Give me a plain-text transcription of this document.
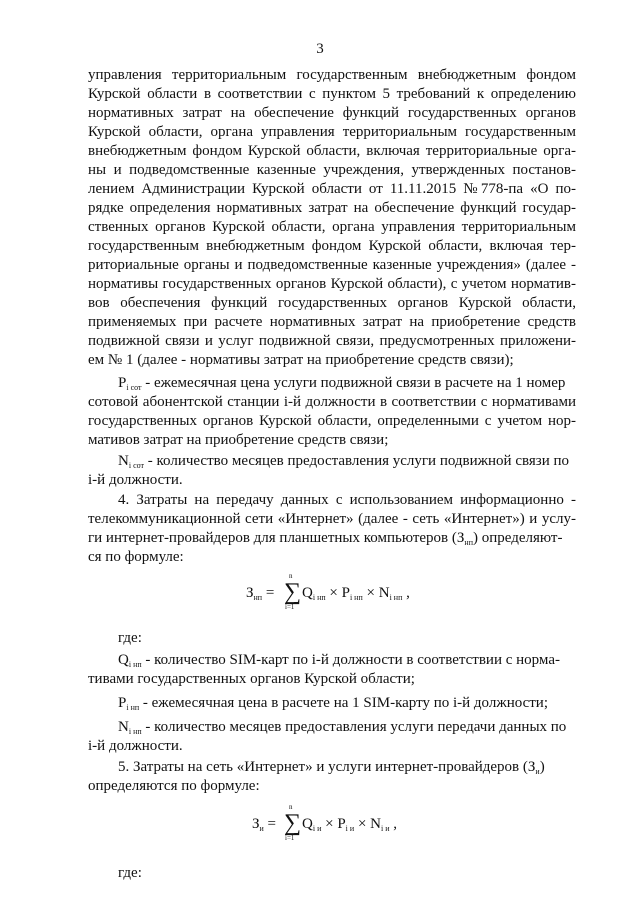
3
управления территориальным государственным внебюджетным фондом
Курской области в соответствии с пунктом 5 требований к определению
нормативных затрат на обеспечение функций государственных органов
Курской области, органа управления территориальным государственным
внебюджетным фондом Курской области, включая территориальные орга-
ны и подведомственные казенные учреждения, утвержденных постанов-
лением Администрации Курской области от 11.11.2015 №778-па «О по-
рядке определения нормативных затрат на обеспечение функций государ-
ственных органов Курской области, органа управления территориальным
государственным внебюджетным фондом Курской области, включая тер-
риториальные органы и подведомственные казенные учреждения» (далее -
нормативы государственных органов Курской области), с учетом норматив-
вов обеспечения функций государственных органов Курской области,
применяемых при расчете нормативных затрат на приобретение средств
подвижной связи и услуг подвижной связи, предусмотренных приложени-
ем № 1 (далее - нормативы затрат на приобретение средств связи);
$P_{i сот}$ - ежемесячная цена услуги подвижной связи в расчете на 1 номер
сотовой абонентской станции i-й должности в соответствии с нормативами
государственных органов Курской области, определенными с учетом нор-
мативов затрат на приобретение средств связи;
$N_{i сот}$ - количество месяцев предоставления услуги подвижной связи по
i-й должности.
4. Затраты на передачу данных с использованием информационно -
телекоммуникационной сети «Интернет» (далее - сеть «Интернет») и услу-
ги интернет-провайдеров для планшетных компьютеров $(З_{нп})$ определяют-
ся по формуле:
n
∑
i=1
$З_{нп} = Q_{i нп} \times P_{i нп} \times N_{i нп}$ ,
где:
$Q_{i нп}$ - количество SIM-карт по i-й должности в соответствии с норма-
тивами государственных органов Курской области;
$P_{i нп}$ - ежемесячная цена в расчете на 1 SIM-карту по i-й должности;
$N_{i нп}$ - количество месяцев предоставления услуги передачи данных по
i-й должности.
5. Затраты на сеть «Интернет» и услуги интернет-провайдеров $(З_и)$
определяются по формуле:
n
∑
i=1
$З_и = Q_{i и} \times P_{i и} \times N_{i и}$ ,
где:
